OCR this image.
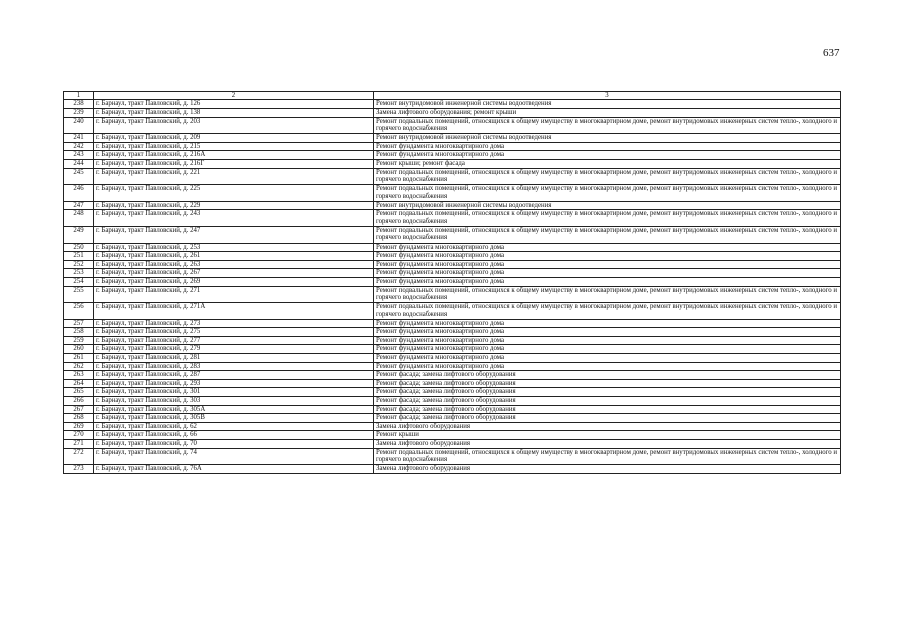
637
1	2	3
238	г. Барнаул, тракт Павловский, д. 126	Ремонт внутридомовой инженерной системы водоотведения
239	г. Барнаул, тракт Павловский, д. 138	Замена лифтового оборудования; ремонт крыши
240	г. Барнаул, тракт Павловский, д. 203	Ремонт подвальных помещений, относящихся к общему имуществу в многоквартирном доме, ремонт внутридомовых инженерных систем тепло-, холодного и горячего водоснабжения
241	г. Барнаул, тракт Павловский, д. 209	Ремонт внутридомовой инженерной системы водоотведения
242	г. Барнаул, тракт Павловский, д. 215	Ремонт фундамента многоквартирного дома
243	г. Барнаул, тракт Павловский, д. 216А	Ремонт фундамента многоквартирного дома
244	г. Барнаул, тракт Павловский, д. 216Г	Ремонт крыши; ремонт фасада
245	г. Барнаул, тракт Павловский, д. 221	Ремонт подвальных помещений, относящихся к общему имуществу в многоквартирном доме, ремонт внутридомовых инженерных систем тепло-, холодного и горячего водоснабжения
246	г. Барнаул, тракт Павловский, д. 225	Ремонт подвальных помещений, относящихся к общему имуществу в многоквартирном доме, ремонт внутридомовых инженерных систем тепло-, холодного и горячего водоснабжения
247	г. Барнаул, тракт Павловский, д. 229	Ремонт внутридомовой инженерной системы водоотведения
248	г. Барнаул, тракт Павловский, д. 243	Ремонт подвальных помещений, относящихся к общему имуществу в многоквартирном доме, ремонт внутридомовых инженерных систем тепло-, холодного и горячего водоснабжения
249	г. Барнаул, тракт Павловский, д. 247	Ремонт подвальных помещений, относящихся к общему имуществу в многоквартирном доме, ремонт внутридомовых инженерных систем тепло-, холодного и горячего водоснабжения
250	г. Барнаул, тракт Павловский, д. 253	Ремонт фундамента многоквартирного дома
251	г. Барнаул, тракт Павловский, д. 261	Ремонт фундамента многоквартирного дома
252	г. Барнаул, тракт Павловский, д. 263	Ремонт фундамента многоквартирного дома
253	г. Барнаул, тракт Павловский, д. 267	Ремонт фундамента многоквартирного дома
254	г. Барнаул, тракт Павловский, д. 269	Ремонт фундамента многоквартирного дома
255	г. Барнаул, тракт Павловский, д. 271	Ремонт подвальных помещений, относящихся к общему имуществу в многоквартирном доме, ремонт внутридомовых инженерных систем тепло-, холодного и горячего водоснабжения
256	г. Барнаул, тракт Павловский, д. 271А	Ремонт подвальных помещений, относящихся к общему имуществу в многоквартирном доме, ремонт внутридомовых инженерных систем тепло-, холодного и горячего водоснабжения
257	г. Барнаул, тракт Павловский, д. 273	Ремонт фундамента многоквартирного дома
258	г. Барнаул, тракт Павловский, д. 275	Ремонт фундамента многоквартирного дома
259	г. Барнаул, тракт Павловский, д. 277	Ремонт фундамента многоквартирного дома
260	г. Барнаул, тракт Павловский, д. 279	Ремонт фундамента многоквартирного дома
261	г. Барнаул, тракт Павловский, д. 281	Ремонт фундамента многоквартирного дома
262	г. Барнаул, тракт Павловский, д. 283	Ремонт фундамента многоквартирного дома
263	г. Барнаул, тракт Павловский, д. 287	Ремонт фасада; замена лифтового оборудования
264	г. Барнаул, тракт Павловский, д. 293	Ремонт фасада; замена лифтового оборудования
265	г. Барнаул, тракт Павловский, д. 301	Ремонт фасада; замена лифтового оборудования
266	г. Барнаул, тракт Павловский, д. 303	Ремонт фасада; замена лифтового оборудования
267	г. Барнаул, тракт Павловский, д. 305А	Ремонт фасада; замена лифтового оборудования
268	г. Барнаул, тракт Павловский, д. 305В	Ремонт фасада; замена лифтового оборудования
269	г. Барнаул, тракт Павловский, д. 62	Замена лифтового оборудования
270	г. Барнаул, тракт Павловский, д. 66	Ремонт крыши
271	г. Барнаул, тракт Павловский, д. 70	Замена лифтового оборудования
272	г. Барнаул, тракт Павловский, д. 74	Ремонт подвальных помещений, относящихся к общему имуществу в многоквартирном доме, ремонт внутридомовых инженерных систем тепло-, холодного и горячего водоснабжения
273	г. Барнаул, тракт Павловский, д. 76А	Замена лифтового оборудования
